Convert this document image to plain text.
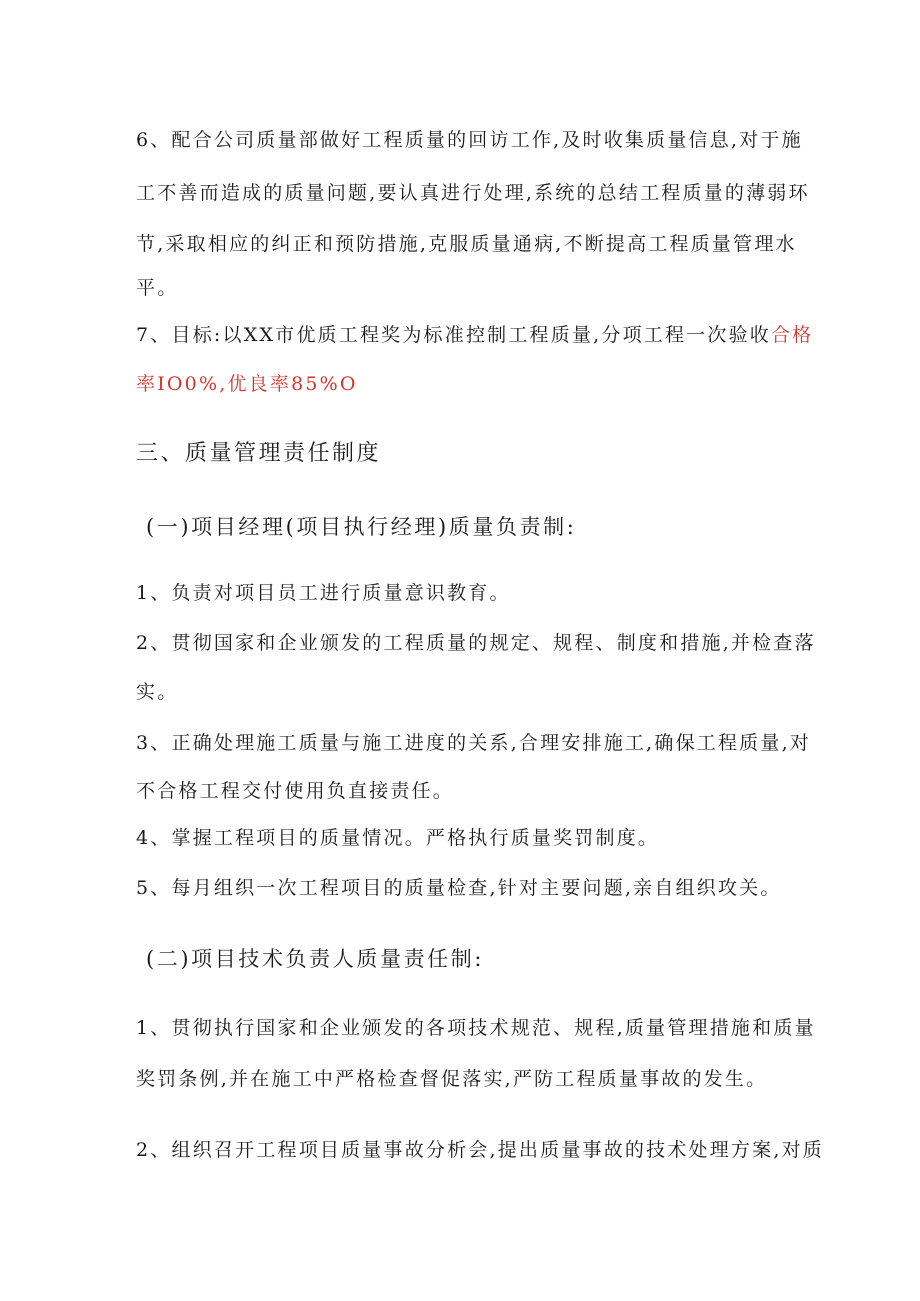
6、配合公司质量部做好工程质量的回访工作,及时收集质量信息,对于施
工不善而造成的质量问题,要认真进行处理,系统的总结工程质量的薄弱环
节,采取相应的纠正和预防措施,克服质量通病,不断提高工程质量管理水
平。
7、目标:以XX市优质工程奖为标准控制工程质量,分项工程一次验收合格
率IO0%,优良率85%O
三、质量管理责任制度
(一)项目经理(项目执行经理)质量负责制:
1、负责对项目员工进行质量意识教育。
2、贯彻国家和企业颁发的工程质量的规定、规程、制度和措施,并检查落
实。
3、正确处理施工质量与施工进度的关系,合理安排施工,确保工程质量,对
不合格工程交付使用负直接责任。
4、掌握工程项目的质量情况。严格执行质量奖罚制度。
5、每月组织一次工程项目的质量检查,针对主要问题,亲自组织攻关。
(二)项目技术负责人质量责任制:
1、贯彻执行国家和企业颁发的各项技术规范、规程,质量管理措施和质量
奖罚条例,并在施工中严格检查督促落实,严防工程质量事故的发生。
2、组织召开工程项目质量事故分析会,提出质量事故的技术处理方案,对质
